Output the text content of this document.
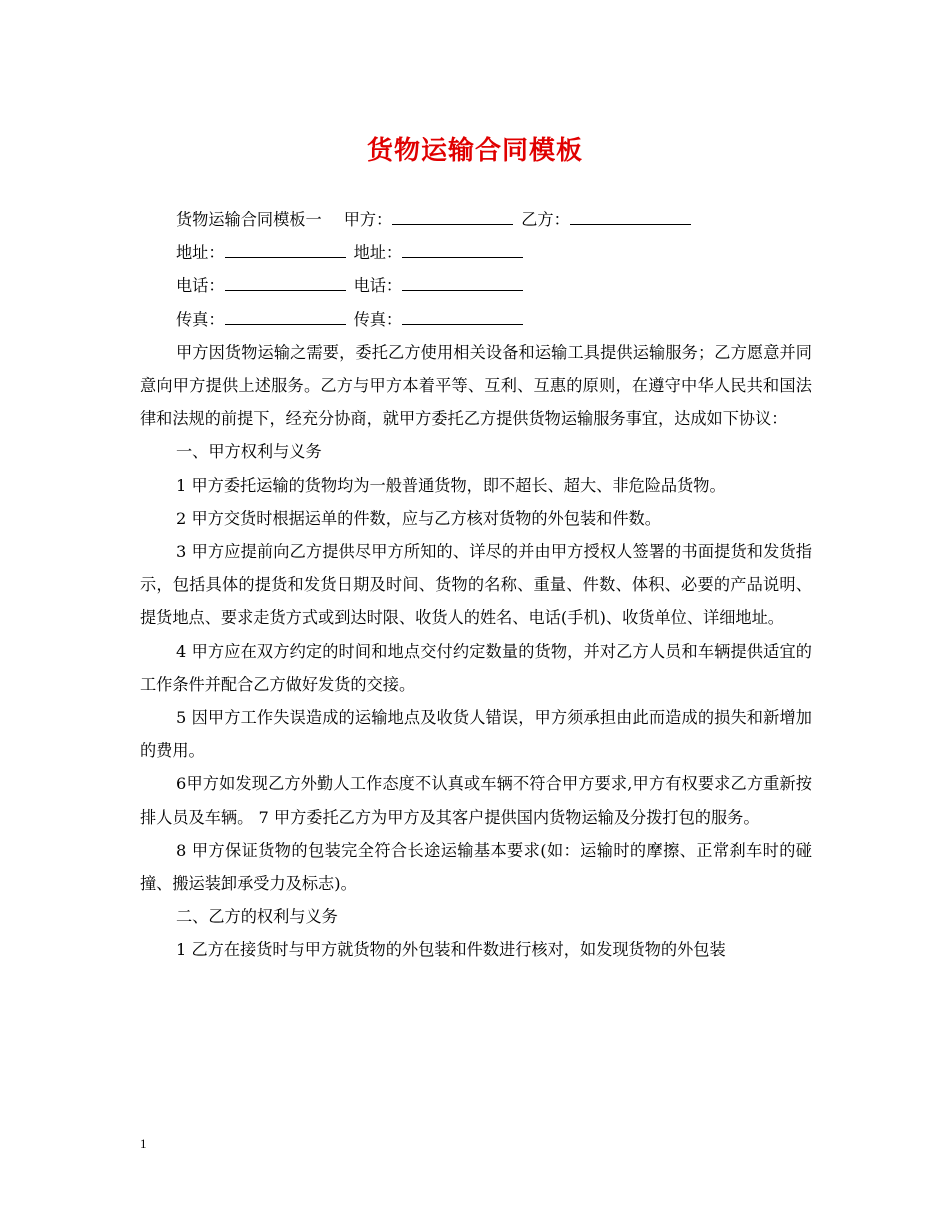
货物运输合同模板
货物运输合同模板一 甲方：	乙方：
地址：	地址：
电话：	电话：
传真：	传真：
甲方因货物运输之需要，委托乙方使用相关设备和运输工具提供运输服务；乙方愿意并同意向甲方提供上述服务。乙方与甲方本着平等、互利、互惠的原则，在遵守中华人民共和国法律和法规的前提下，经充分协商，就甲方委托乙方提供货物运输服务事宜，达成如下协议：
一、甲方权利与义务
1 甲方委托运输的货物均为一般普通货物，即不超长、超大、非危险品货物。
2 甲方交货时根据运单的件数，应与乙方核对货物的外包装和件数。
3 甲方应提前向乙方提供尽甲方所知的、详尽的并由甲方授权人签署的书面提货和发货指示，包括具体的提货和发货日期及时间、货物的名称、重量、件数、体积、必要的产品说明、提货地点、要求走货方式或到达时限、收货人的姓名、电话(手机)、收货单位、详细地址。
4 甲方应在双方约定的时间和地点交付约定数量的货物，并对乙方人员和车辆提供适宜的工作条件并配合乙方做好发货的交接。
5 因甲方工作失误造成的运输地点及收货人错误，甲方须承担由此而造成的损失和新增加的费用。
6甲方如发现乙方外勤人工作态度不认真或车辆不符合甲方要求,甲方有权要求乙方重新按排人员及车辆。 7 甲方委托乙方为甲方及其客户提供国内货物运输及分拨打包的服务。
8 甲方保证货物的包装完全符合长途运输基本要求(如：运输时的摩擦、正常刹车时的碰撞、搬运装卸承受力及标志)。
二、乙方的权利与义务
1 乙方在接货时与甲方就货物的外包装和件数进行核对，如发现货物的外包装
1
